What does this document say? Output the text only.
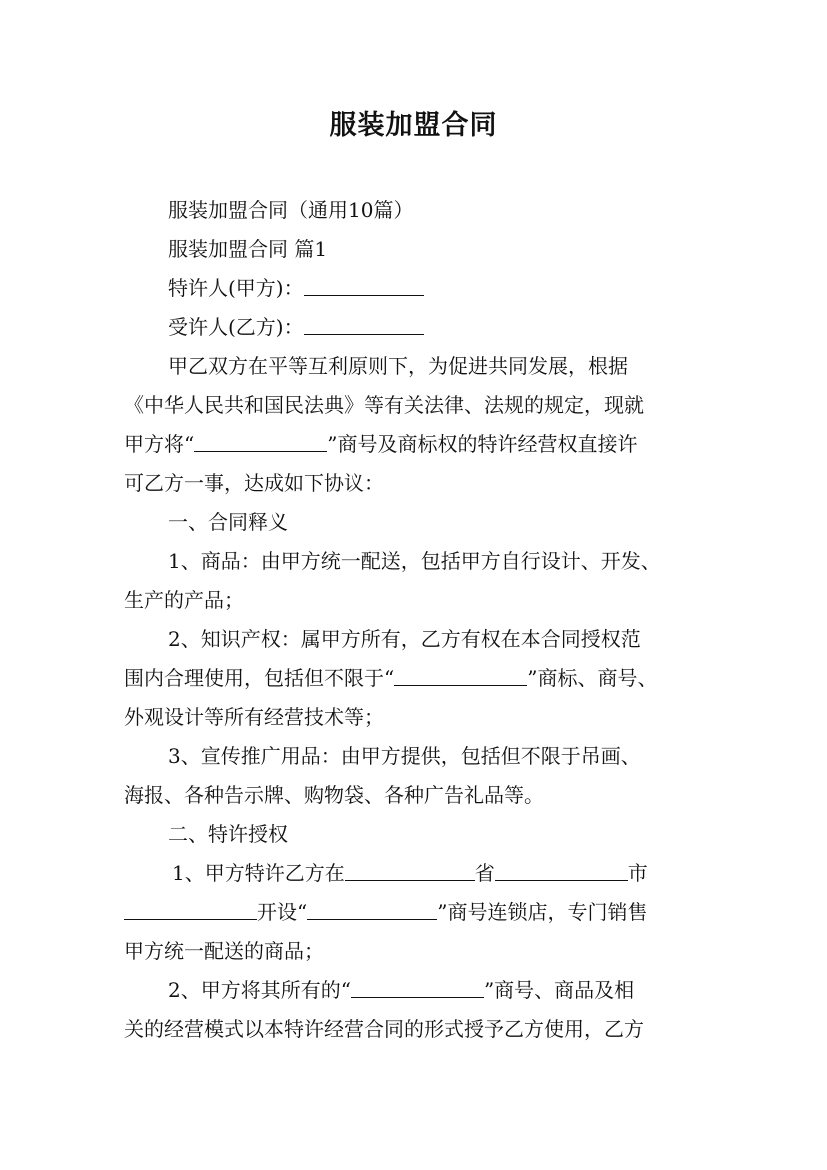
服装加盟合同
服装加盟合同（通用10篇）
服装加盟合同 篇1
特许人(甲方)：
受许人(乙方)：
甲乙双方在平等互利原则下，为促进共同发展，根据
《中华人民共和国民法典》等有关法律、法规的规定，现就
甲方将“	”商号及商标权的特许经营权直接许
可乙方一事，达成如下协议：
一、合同释义
1、商品：由甲方统一配送，包括甲方自行设计、开发、
生产的产品；
2、知识产权：属甲方所有，乙方有权在本合同授权范
围内合理使用，包括但不限于“	”商标、商号、
外观设计等所有经营技术等；
3、宣传推广用品：由甲方提供，包括但不限于吊画、
海报、各种告示牌、购物袋、各种广告礼品等。
二、特许授权
1、甲方特许乙方在	省	市
开设“	”商号连锁店，专门销售
甲方统一配送的商品；
2、甲方将其所有的“	”商号、商品及相
关的经营模式以本特许经营合同的形式授予乙方使用，乙方
